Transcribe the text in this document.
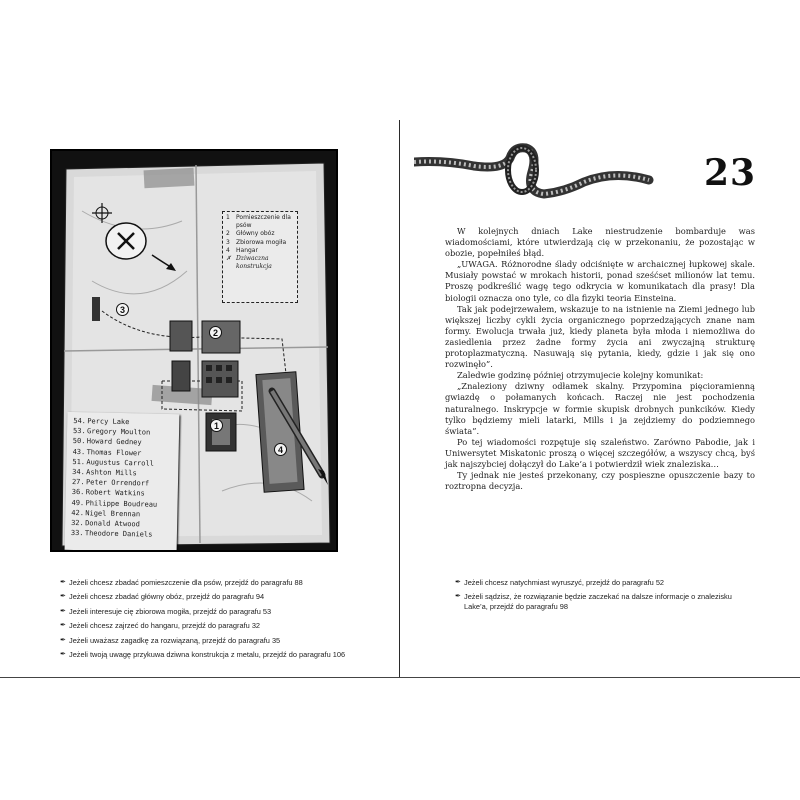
1	Pomieszczenie dla psów
2	Główny obóz
3	Zbiorowa mogiła
4	Hangar
✗ Dziwaczna konstrukcja
3
2
1
4
54. Percy Lake
53. Gregory Moulton
50. Howard Gedney
43. Thomas Flower
51. Augustus Carroll
34. Ashton Mills
27. Peter Orrendorf
36. Robert Watkins
49. Philippe Boudreau
42. Nigel Brennan
32. Donald Atwood
33. Theodore Daniels
✒ Jeżeli chcesz zbadać pomieszczenie dla psów, przejdź do paragrafu 88
✒ Jeżeli chcesz zbadać główny obóz, przejdź do paragrafu 94
✒ Jeżeli interesuje cię zbiorowa mogiła, przejdź do paragrafu 53
✒ Jeżeli chcesz zajrzeć do hangaru, przejdź do paragrafu 32
✒ Jeżeli uważasz zagadkę za rozwiązaną, przejdź do paragrafu 35
✒ Jeżeli twoją uwagę przykuwa dziwna konstrukcja z metalu, przejdź do paragrafu 106
23

W kolejnych dniach Lake niestrudzenie bombarduje was wiadomościami, które utwierdzają cię w przekonaniu, że pozostając w obozie, popełniłeś błąd.

„UWAGA. Różnorodne ślady odciśnięte w archaicznej łupkowej skale. Musiały powstać w mrokach historii, ponad sześćset milionów lat temu. Proszę podkreślić wagę tego odkrycia w komunikatach dla prasy! Dla biologii oznacza ono tyle, co dla fizyki teoria Einsteina.

Tak jak podejrzewałem, wskazuje to na istnienie na Ziemi jednego lub większej liczby cykli życia organicznego poprzedzających znane nam formy. Ewolucja trwała już, kiedy planeta była młoda i niemożliwa do zasiedlenia przez żadne formy życia ani zwyczajną strukturę protoplazmatyczną. Nasuwają się pytania, kiedy, gdzie i jak się ono rozwinęło”.

Zaledwie godzinę później otrzymujecie kolejny komunikat:

„Znaleziony dziwny odłamek skalny. Przypomina pięcioramienną gwiazdę o połamanych końcach. Raczej nie jest pochodzenia naturalnego. Inskrypcje w formie skupisk drobnych punkcików. Kiedy tylko będziemy mieli latarki, Mills i ja zejdziemy do podziemnego świata”.

Po tej wiadomości rozpętuje się szaleństwo. Zarówno Pabodie, jak i Uniwersytet Miskatonic proszą o więcej szczegółów, a wszyscy chcą, byś jak najszybciej dołączył do Lake’a i potwierdził wiek znaleziska…

Ty jednak nie jesteś przekonany, czy pospieszne opuszczenie bazy to roztropna decyzja.

✒ Jeżeli chcesz natychmiast wyruszyć, przejdź do paragrafu 52
✒ Jeżeli sądzisz, że rozwiązanie będzie zaczekać na dalsze informacje o znalezisku Lake’a, przejdź do paragrafu 98
